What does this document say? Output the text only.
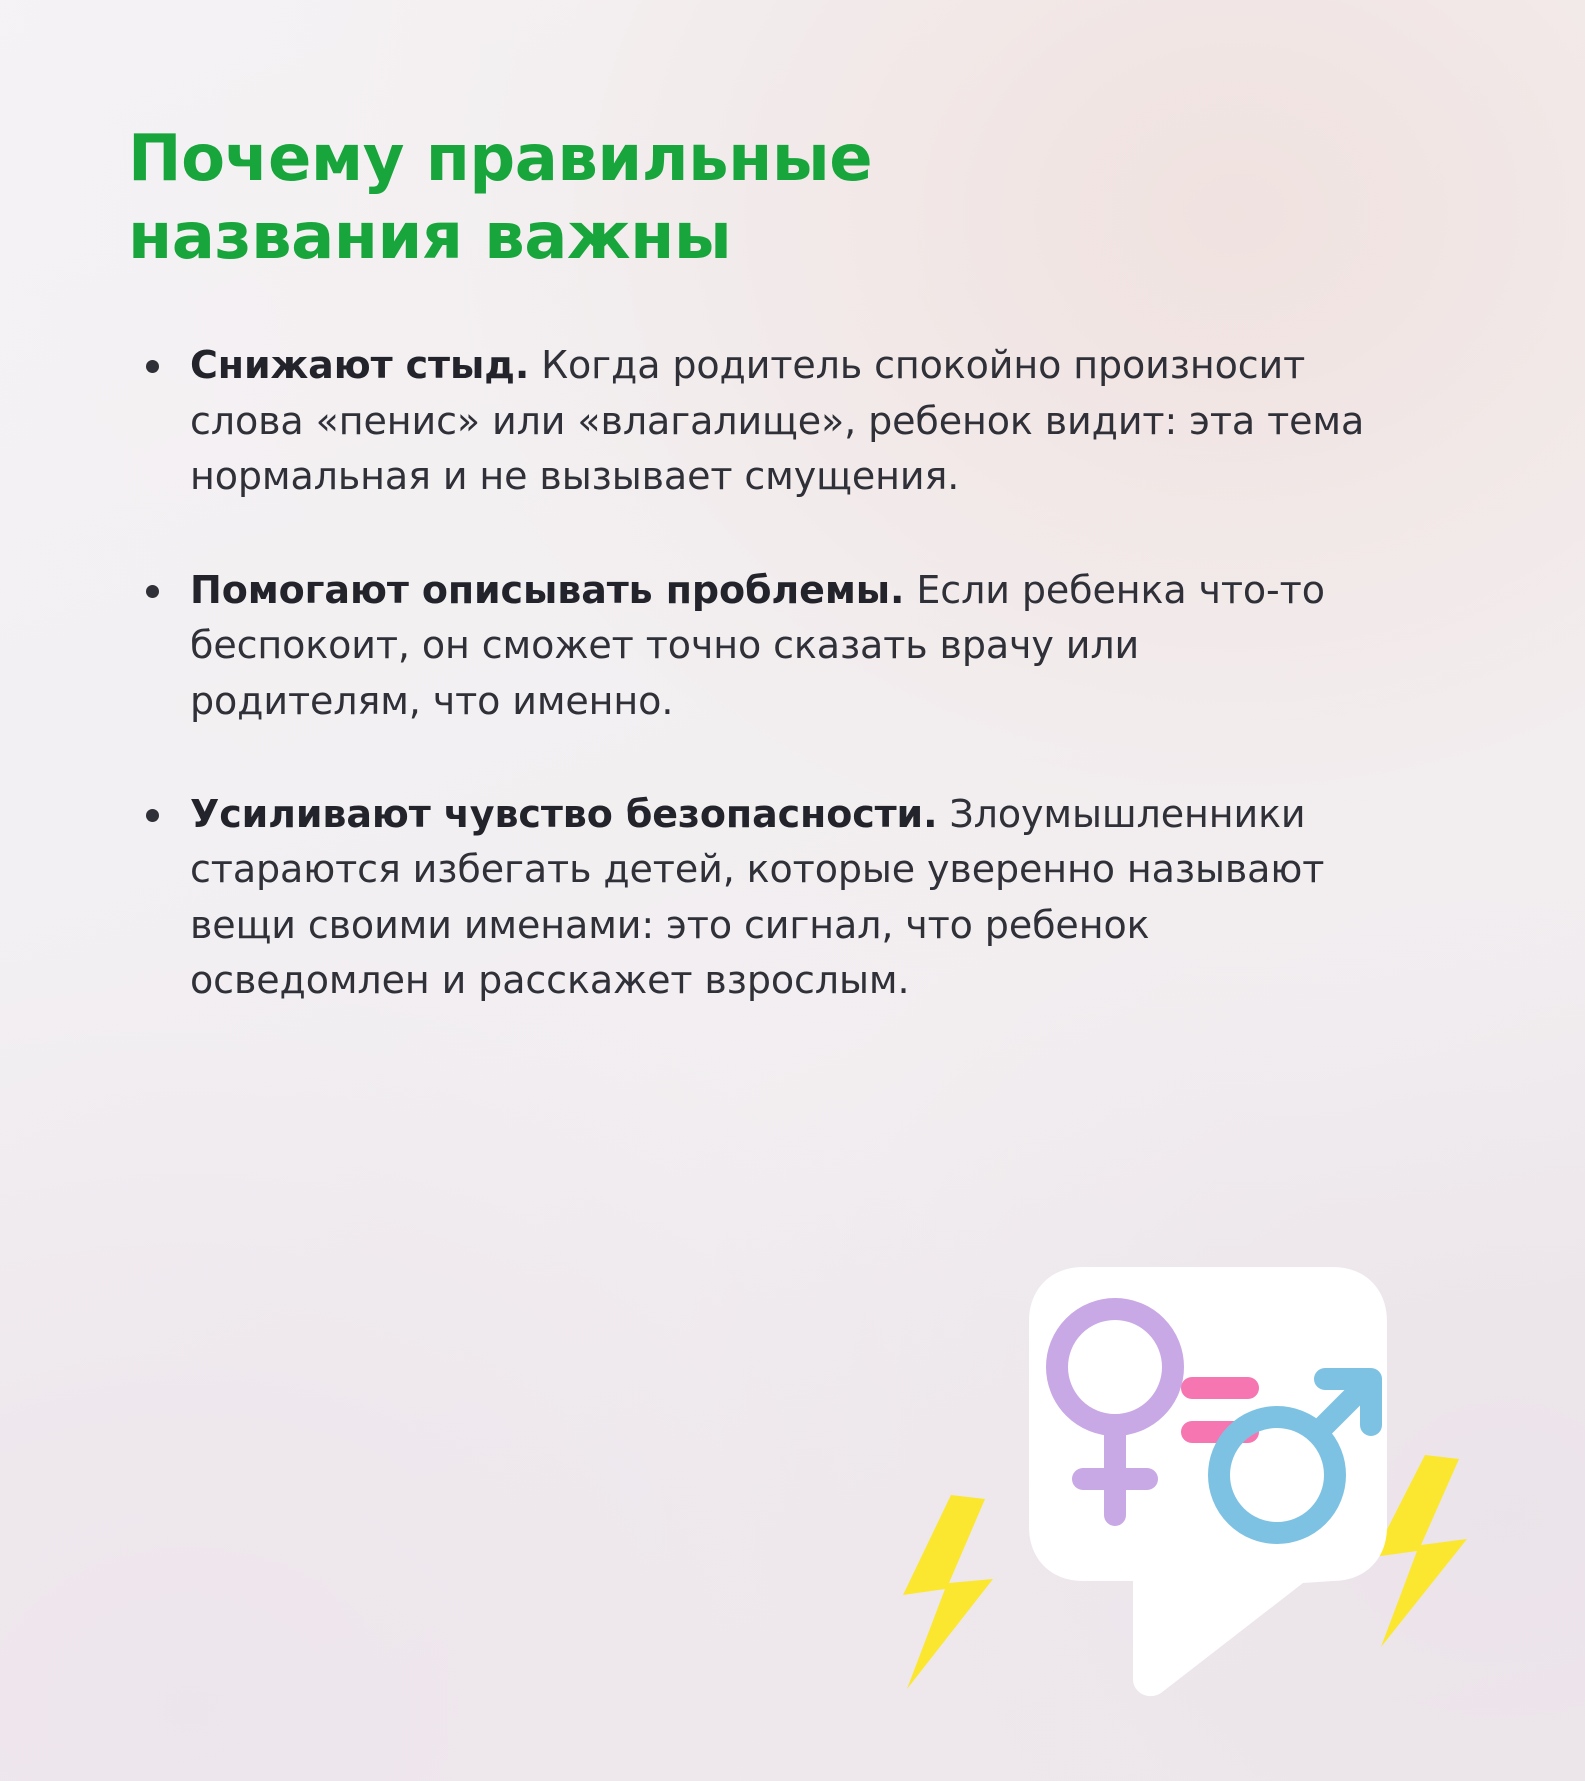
Почему правильные названия важны
Снижают стыд. Когда родитель спокойно произносит слова «пенис» или «влагалище», ребенок видит: эта тема нормальная и не вызывает смущения.
Помогают описывать проблемы. Если ребенка что-то беспокоит, он сможет точно сказать врачу или родителям, что именно.
Усиливают чувство безопасности. Злоумышленники стараются избегать детей, которые уверенно называют вещи своими именами: это сигнал, что ребенок осведомлен и расскажет взрослым.
